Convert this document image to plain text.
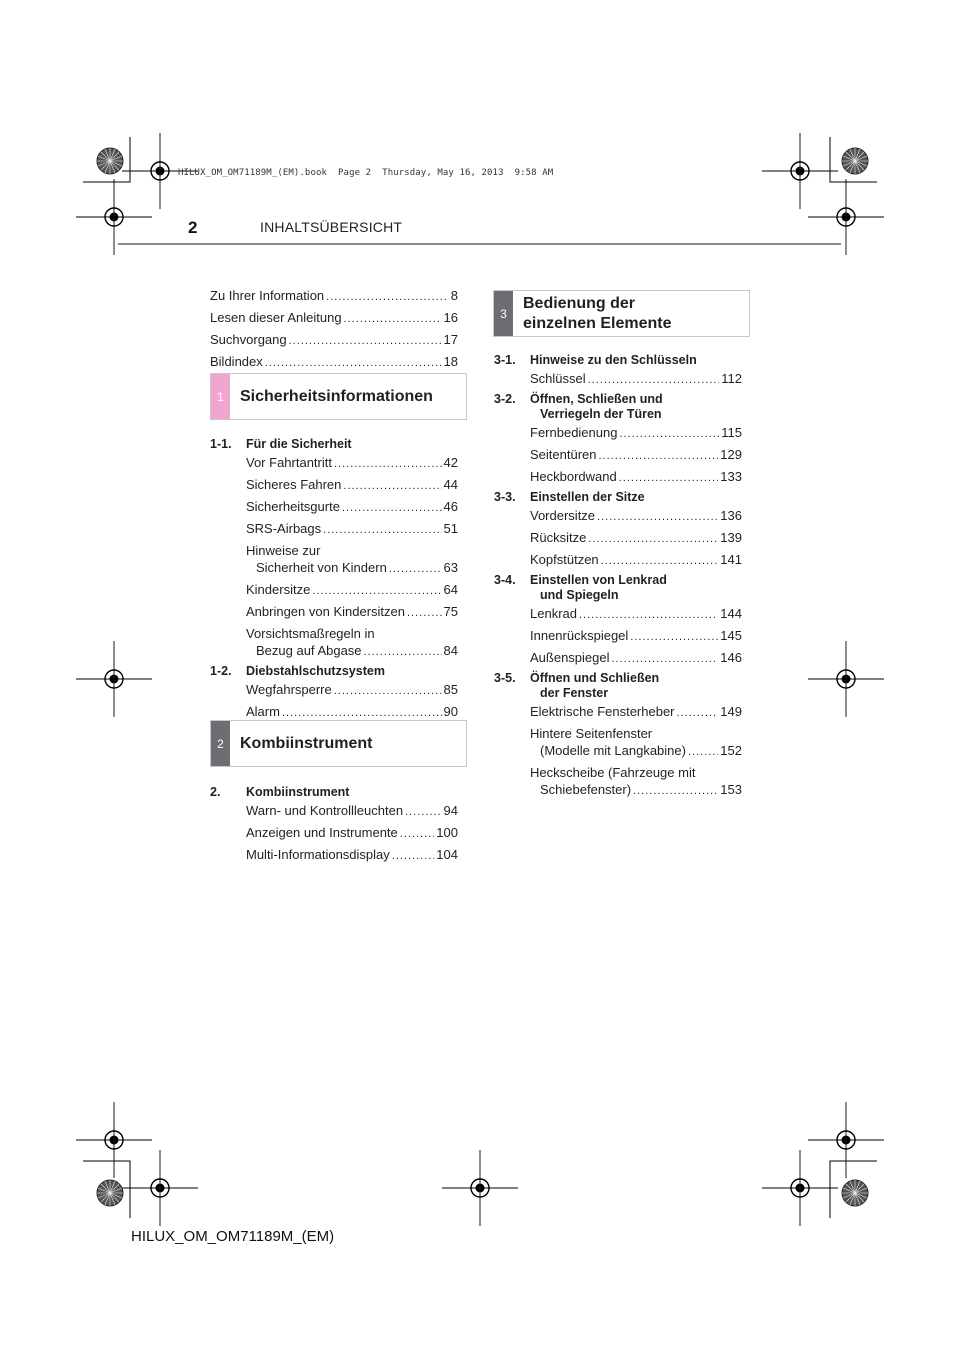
HILUX_OM_OM71189M_(EM).book  Page 2  Thursday, May 16, 2013  9:58 AM
2	INHALTSÜBERSICHT
Zu Ihrer Information .....	8
Lesen dieser Anleitung .....	16
Suchvorgang .....	17
Bildindex .....	18
1	Sicherheitsinformationen
1-1. Für die Sicherheit
Vor Fahrtantritt .....	42
Sicheres Fahren .....	44
Sicherheitsgurte .....	46
SRS-Airbags .....	51
Hinweise zur
Sicherheit von Kindern .....	63
Kindersitze .....	64
Anbringen von Kindersitzen .....	75
Vorsichtsmaßregeln in
Bezug auf Abgase .....	84
1-2. Diebstahlschutzsystem
Wegfahrsperre .....	85
Alarm .....	90
2	Kombiinstrument
2. Kombiinstrument
Warn- und Kontrollleuchten .....	94
Anzeigen und Instrumente .....	100
Multi-Informationsdisplay .....	104
3
Bedienung der
einzelnen Elemente
3-1. Hinweise zu den Schlüsseln
Schlüssel .....	112
3-2. Öffnen, Schließen und
Verriegeln der Türen
Fernbedienung .....	115
Seitentüren .....	129
Heckbordwand .....	133
3-3. Einstellen der Sitze
Vordersitze .....	136
Rücksitze .....	139
Kopfstützen .....	141
3-4. Einstellen von Lenkrad
und Spiegeln
Lenkrad .....	144
Innenrückspiegel .....	145
Außenspiegel .....	146
3-5. Öffnen und Schließen
der Fenster
Elektrische Fensterheber .....	149
Hintere Seitenfenster
(Modelle mit Langkabine) .....	152
Heckscheibe (Fahrzeuge mit
Schiebefenster) .....	153
HILUX_OM_OM71189M_(EM)
